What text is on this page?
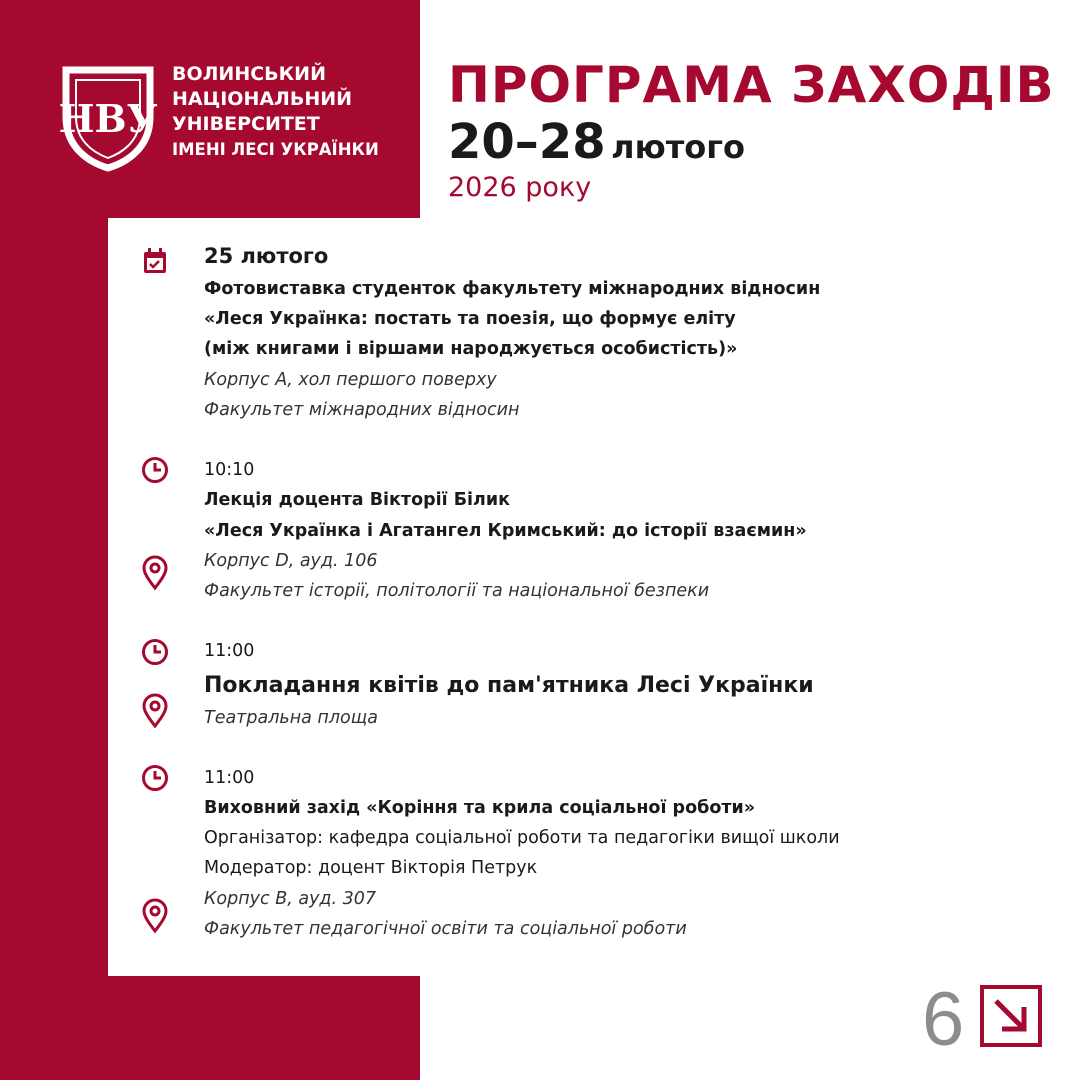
НВУ
ВОЛИНСЬКИЙ
НАЦІОНАЛЬНИЙ
УНІВЕРСИТЕТ
ІМЕНІ ЛЕСІ УКРАЇНКИ
ПРОГРАМА ЗАХОДІВ
20–28 лютого
2026 року
25 лютого
Фотовиставка студенток факультету міжнародних відносин
«Леся Українка: постать та поезія, що формує еліту
(між книгами і віршами народжується особистість)»
Корпус А, хол першого поверху
Факультет міжнародних відносин
10:10
Лекція доцента Вікторії Білик
«Леся Українка і Агатангел Кримський: до історії взаємин»
Корпус D, ауд. 106
Факультет історії, політології та національної безпеки
11:00
Покладання квітів до пам'ятника Лесі Українки
Театральна площа
11:00
Виховний захід «Коріння та крила соціальної роботи»
Організатор: кафедра соціальної роботи та педагогіки вищої школи
Модератор: доцент Вікторія Петрук
Корпус В, ауд. 307
Факультет педагогічної освіти та соціальної роботи
6
